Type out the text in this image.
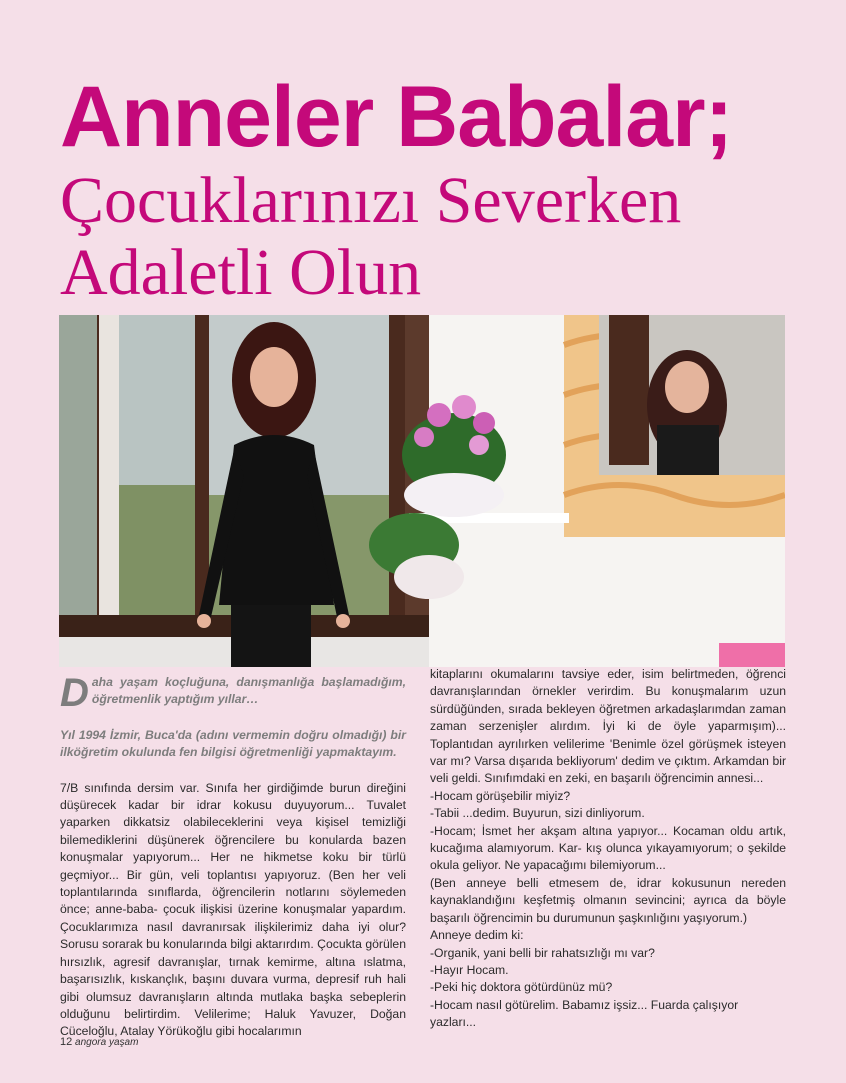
Anneler Babalar;
Çocuklarınızı Severken
Adaletli Olun

Daha yaşam koçluğuna, danışmanlığa başlamadığım, öğretmenlik yaptığım yıllar…

Yıl 1994 İzmir, Buca'da (adını vermemin doğru olmadığı) bir ilköğretim okulunda fen bilgisi öğretmenliği yapmaktayım.

7/B sınıfında dersim var. Sınıfa her girdiğimde burun direğini düşürecek kadar bir idrar kokusu duyuyorum... Tuvalet yaparken dikkatsiz olabileceklerini veya kişisel temizliği bilemediklerini düşünerek öğrencilere bu konularda bazen konuşmalar yapıyorum... Her ne hikmetse koku bir türlü geçmiyor... Bir gün, veli toplantısı yapıyoruz. (Ben her veli toplantılarında sınıflarda, öğrencilerin notlarını söylemeden önce; anne-baba- çocuk ilişkisi üzerine konuşmalar yapardım. Çocuklarımıza nasıl davranırsak ilişkilerimiz daha iyi olur? Sorusu sorarak bu konularında bilgi aktarırdım. Çocukta görülen hırsızlık, agresif davranışlar, tırnak kemirme, altına ıslatma, başarısızlık, kıskançlık, başını duvara vurma, depresif ruh hali gibi olumsuz davranışların altında mutlaka başka sebeplerin olduğunu belirtirdim. Velilerime; Haluk Yavuzer, Doğan Cüceloğlu, Atalay Yörükoğlu gibi hocalarımın

kitaplarını okumalarını tavsiye eder, isim belirtmeden, öğrenci davranışlarından örnekler verirdim. Bu konuşmalarım uzun sürdüğünden, sırada bekleyen öğretmen arkadaşlarımdan zaman zaman serzenişler alırdım. İyi ki de öyle yaparmışım)... Toplantıdan ayrılırken velilerime 'Benimle özel görüşmek isteyen var mı? Varsa dışarıda bekliyorum' dedim ve çıktım. Arkamdan bir veli geldi. Sınıfımdaki en zeki, en başarılı öğrencimin annesi...

-Hocam görüşebilir miyiz?

-Tabii ...dedim. Buyurun, sizi dinliyorum.

-Hocam; İsmet her akşam altına yapıyor... Kocaman oldu artık, kucağıma alamıyorum. Kar- kış olunca yıkayamıyorum; o şekilde okula geliyor. Ne yapacağımı bilemiyorum...

(Ben anneye belli etmesem de, idrar kokusunun nereden kaynaklandığını keşfetmiş olmanın sevincini; ayrıca da böyle başarılı öğrencimin bu durumunun şaşkınlığını yaşıyorum.)

Anneye dedim ki:

-Organik, yani belli bir rahatsızlığı mı var?

-Hayır Hocam.

-Peki hiç doktora götürdünüz mü?

-Hocam nasıl götürelim. Babamız işsiz... Fuarda çalışıyor yazları...

12 angora yaşam
